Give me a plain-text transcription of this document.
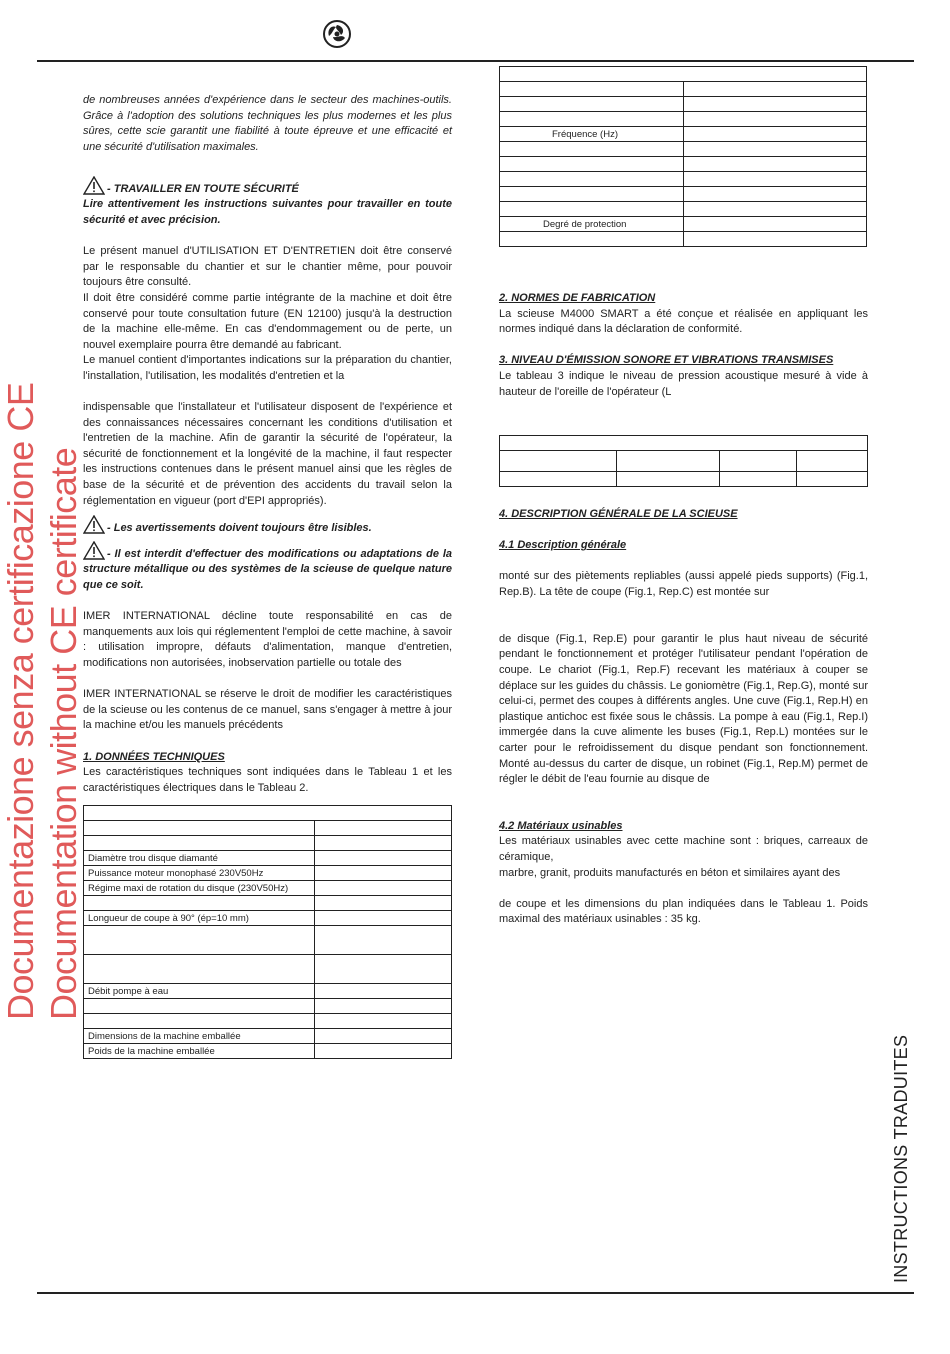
Documentazione senza certificazione CE Documentation without CE certificate
INSTRUCTIONS TRADUITES

de nombreuses années d'expérience dans le secteur des machines-outils. Grâce à l'adoption des solutions techniques les plus modernes et les plus sûres, cette scie garantit une fiabilité à toute épreuve et une efficacité et une sécurité d'utilisation maximales.

- TRAVAILLER EN TOUTE SÉCURITÉ

Lire attentivement les instructions suivantes pour travailler en toute sécurité et avec précision.

Le présent manuel d'UTILISATION ET D'ENTRETIEN doit être conservé par le responsable du chantier et sur le chantier même, pour pouvoir toujours être consulté.

Il doit être considéré comme partie intégrante de la machine et doit être conservé pour toute consultation future (EN 12100) jusqu'à la destruction de la machine elle-même. En cas d'endommagement ou de perte, un nouvel exemplaire pourra être demandé au fabricant.

Le manuel contient d'importantes indications sur la préparation du chantier, l'installation, l'utilisation, les modalités d'entretien et la

indispensable que l'installateur et l'utilisateur disposent de l'expérience et des connaissances nécessaires concernant les conditions d'utilisation et l'entretien de la machine. Afin de garantir la sécurité de l'opérateur, la sécurité de fonctionnement et la longévité de la machine, il faut respecter les instructions contenues dans le présent manuel ainsi que les règles de base de la sécurité et de prévention des accidents du travail selon la réglementation en vigueur (port d'EPI appropriés).

- Les avertissements doivent toujours être lisibles.

- Il est interdit d'effectuer des modifications ou adaptations de la structure métallique ou des systèmes de la scieuse de quelque nature que ce soit.

IMER INTERNATIONAL décline toute responsabilité en cas de manquements aux lois qui réglementent l'emploi de cette machine, à savoir : utilisation impropre, défauts d'alimentation, manque d'entretien, modifications non autorisées, inobservation partielle ou totale des

IMER INTERNATIONAL se réserve le droit de modifier les caractéristiques de la scieuse ou les contenus de ce manuel, sans s'engager à mettre à jour la machine et/ou les manuels précédents

1. DONNÉES TECHNIQUES

Les caractéristiques techniques sont indiquées dans le Tableau 1 et les caractéristiques électriques dans le Tableau 2.

Diamètre trou disque diamanté	
Puissance moteur monophasé 230V50Hz	
Régime maxi de rotation du disque (230V50Hz)	

Longueur de coupe à 90° (ép=10 mm)	

Débit pompe à eau	

Dimensions de la machine emballée	
Poids de la machine emballée	

Fréquence (Hz)	

Degré de protection	

2. NORMES DE FABRICATION

La scieuse M4000 SMART a été conçue et réalisée en appliquant les normes indiqué dans la déclaration de conformité.

3. NIVEAU D'ÉMISSION SONORE ET VIBRATIONS TRANSMISES

Le tableau 3 indique le niveau de pression acoustique mesuré à vide à hauteur de l'oreille de l'opérateur (L

4. DESCRIPTION GÉNÉRALE DE LA SCIEUSE

4.1 Description générale

monté sur des piètements repliables (aussi appelé pieds supports) (Fig.1, Rep.B). La tête de coupe (Fig.1, Rep.C) est montée sur

de disque (Fig.1, Rep.E) pour garantir le plus haut niveau de sécurité pendant le fonctionnement et protéger l'utilisateur pendant l'opération de coupe. Le chariot (Fig.1, Rep.F) recevant les matériaux à couper se déplace sur les guides du châssis. Le goniomètre (Fig.1, Rep.G), monté sur celui-ci, permet des coupes à différents angles. Une cuve (Fig.1, Rep.H) en plastique antichoc est fixée sous le châssis. La pompe à eau (Fig.1, Rep.I) immergée dans la cuve alimente les buses (Fig.1, Rep.L) montées sur le carter pour le refroidissement du disque pendant son fonctionnement. Monté au-dessus du carter de disque, un robinet (Fig.1, Rep.M) permet de régler le débit de l'eau fournie au disque de

4.2 Matériaux usinables

Les matériaux usinables avec cette machine sont : briques, carreaux de céramique,

marbre, granit, produits manufacturés en béton et similaires ayant des

de coupe et les dimensions du plan indiquées dans le Tableau 1. Poids maximal des matériaux usinables : 35 kg.
